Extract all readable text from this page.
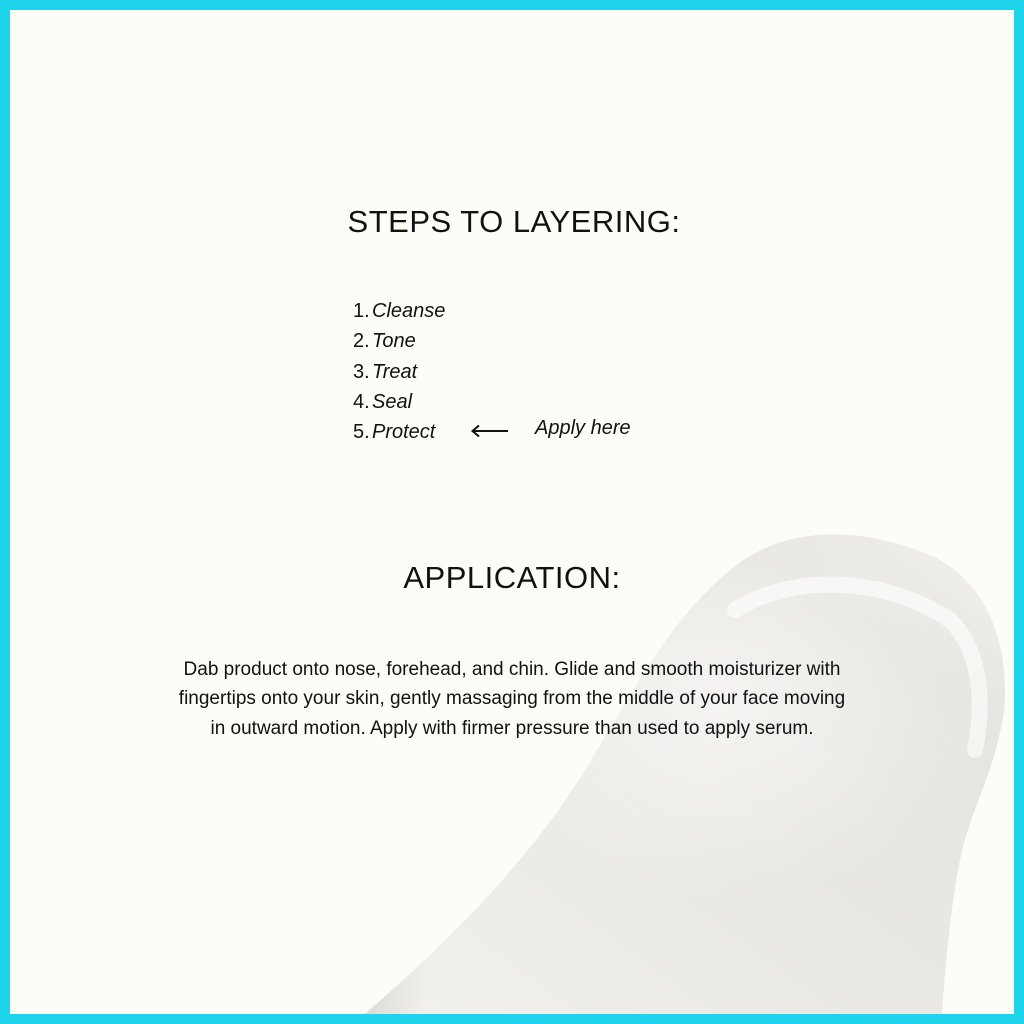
STEPS TO LAYERING:
1. Cleanse
2. Tone
3. Treat
4. Seal
5. Protect	Apply here
APPLICATION:
Dab product onto nose, forehead, and chin. Glide and smooth moisturizer with fingertips onto your skin, gently massaging from the middle of your face moving in outward motion. Apply with firmer pressure than used to apply serum.
